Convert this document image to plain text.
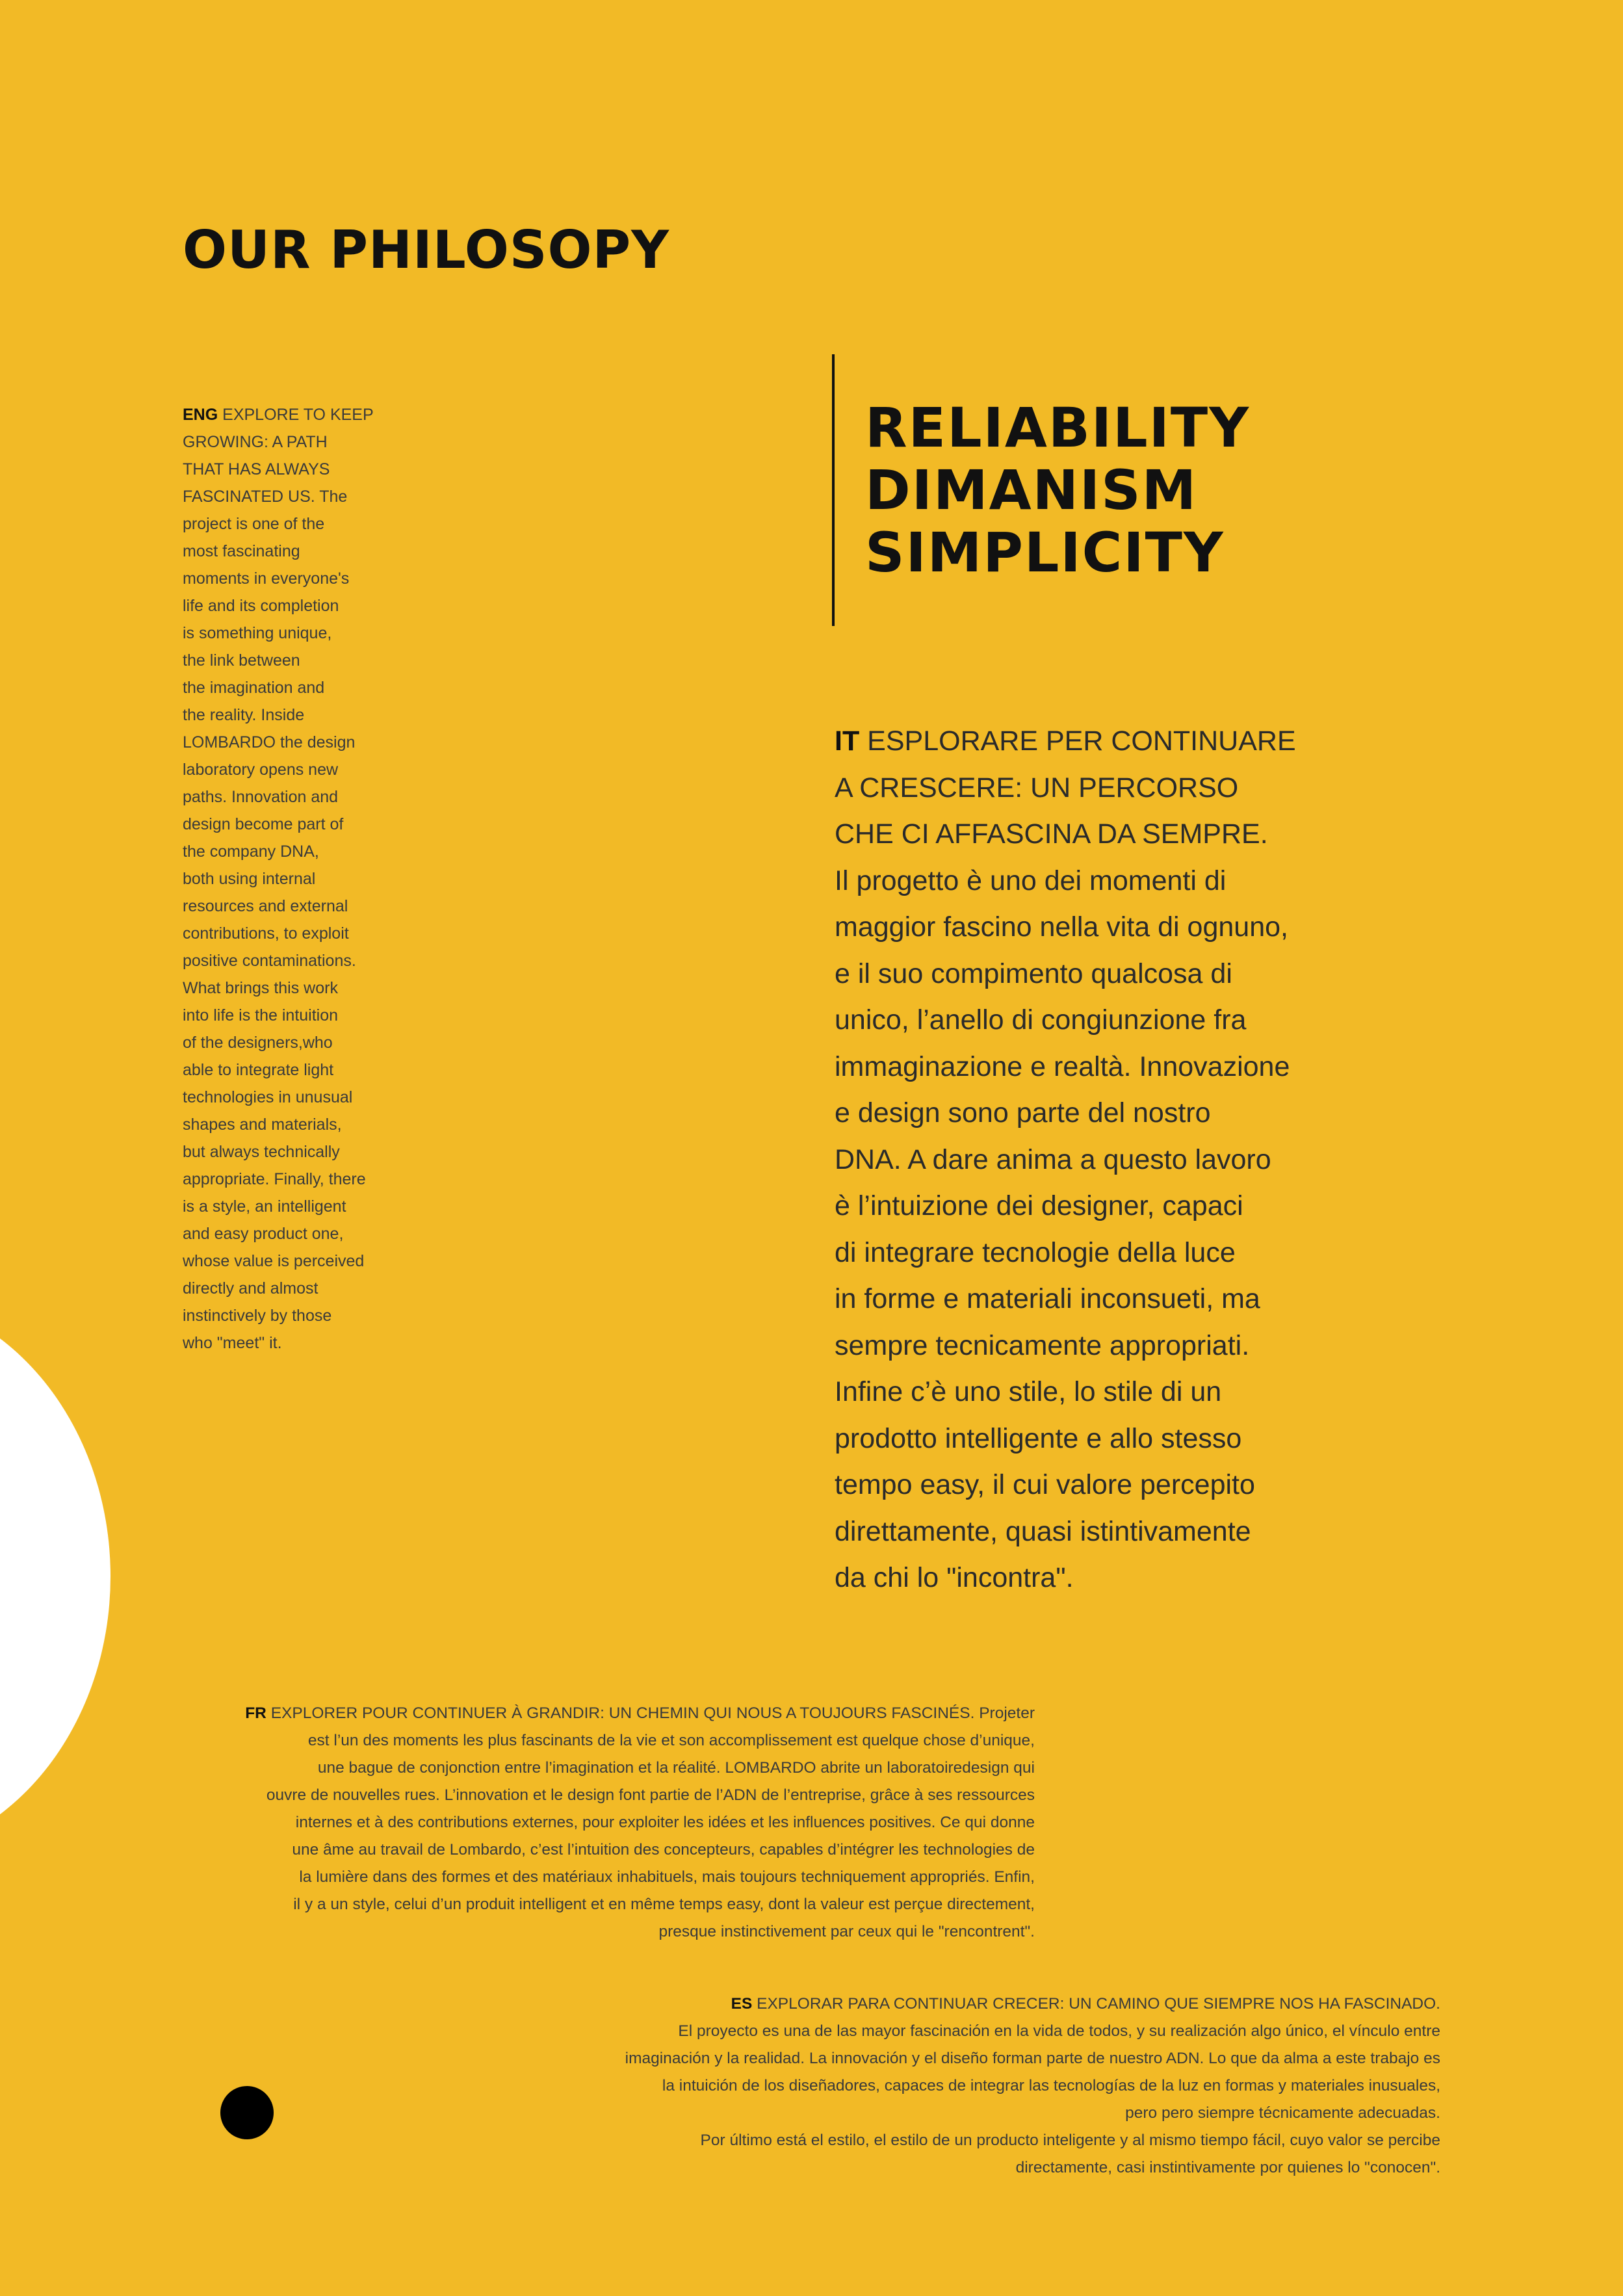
OUR PHILOSOPY
ENG EXPLORE TO KEEP
GROWING: A PATH
THAT HAS ALWAYS
FASCINATED US. The
project is one of the
most fascinating
moments in everyone's
life and its completion
is something unique,
the link between
the imagination and
the reality. Inside
LOMBARDO the design
laboratory opens new
paths. Innovation and
design become part of
the company DNA,
both using internal
resources and external
contributions, to exploit
positive contaminations.
What brings this work
into life is the intuition
of the designers,who
able to integrate light
technologies in unusual
shapes and materials,
but always technically
appropriate. Finally, there
is a style, an intelligent
and easy product one,
whose value is perceived
directly and almost
instinctively by those
who "meet" it.
RELIABILITY
DIMANISM
SIMPLICITY
IT ESPLORARE PER CONTINUARE
A CRESCERE: UN PERCORSO
CHE CI AFFASCINA DA SEMPRE.
Il progetto è uno dei momenti di
maggior fascino nella vita di ognuno,
e il suo compimento qualcosa di
unico, l’anello di congiunzione fra
immaginazione e realtà. Innovazione
e design sono parte del nostro
DNA. A dare anima a questo lavoro
è l’intuizione dei designer, capaci
di integrare tecnologie della luce
in forme e materiali inconsueti, ma
sempre tecnicamente appropriati.
Infine c’è uno stile, lo stile di un
prodotto intelligente e allo stesso
tempo easy, il cui valore percepito
direttamente, quasi istintivamente
da chi lo "incontra".
FR EXPLORER POUR CONTINUER À GRANDIR: UN CHEMIN QUI NOUS A TOUJOURS FASCINÉS. Projeter
est l’un des moments les plus fascinants de la vie et son accomplissement est quelque chose d’unique,
une bague de conjonction entre l’imagination et la réalité. LOMBARDO abrite un laboratoiredesign qui
ouvre de nouvelles rues. L’innovation et le design font partie de l’ADN de l’entreprise, grâce à ses ressources
internes et à des contributions externes, pour exploiter les idées et les influences positives. Ce qui donne
une âme au travail de Lombardo, c’est l’intuition des concepteurs, capables d’intégrer les technologies de
la lumière dans des formes et des matériaux inhabituels, mais toujours techniquement appropriés. Enfin,
il y a un style, celui d’un produit intelligent et en même temps easy, dont la valeur est perçue directement,
presque instinctivement par ceux qui le "rencontrent".
ES EXPLORAR PARA CONTINUAR CRECER: UN CAMINO QUE SIEMPRE NOS HA FASCINADO.
El proyecto es una de las mayor fascinación en la vida de todos, y su realización algo único, el vínculo entre
imaginación y la realidad. La innovación y el diseño forman parte de nuestro ADN. Lo que da alma a este trabajo es
la intuición de los diseñadores, capaces de integrar las tecnologías de la luz en formas y materiales inusuales,
pero pero siempre técnicamente adecuadas.
Por último está el estilo, el estilo de un producto inteligente y al mismo tiempo fácil, cuyo valor se percibe
directamente, casi instintivamente por quienes lo "conocen".
